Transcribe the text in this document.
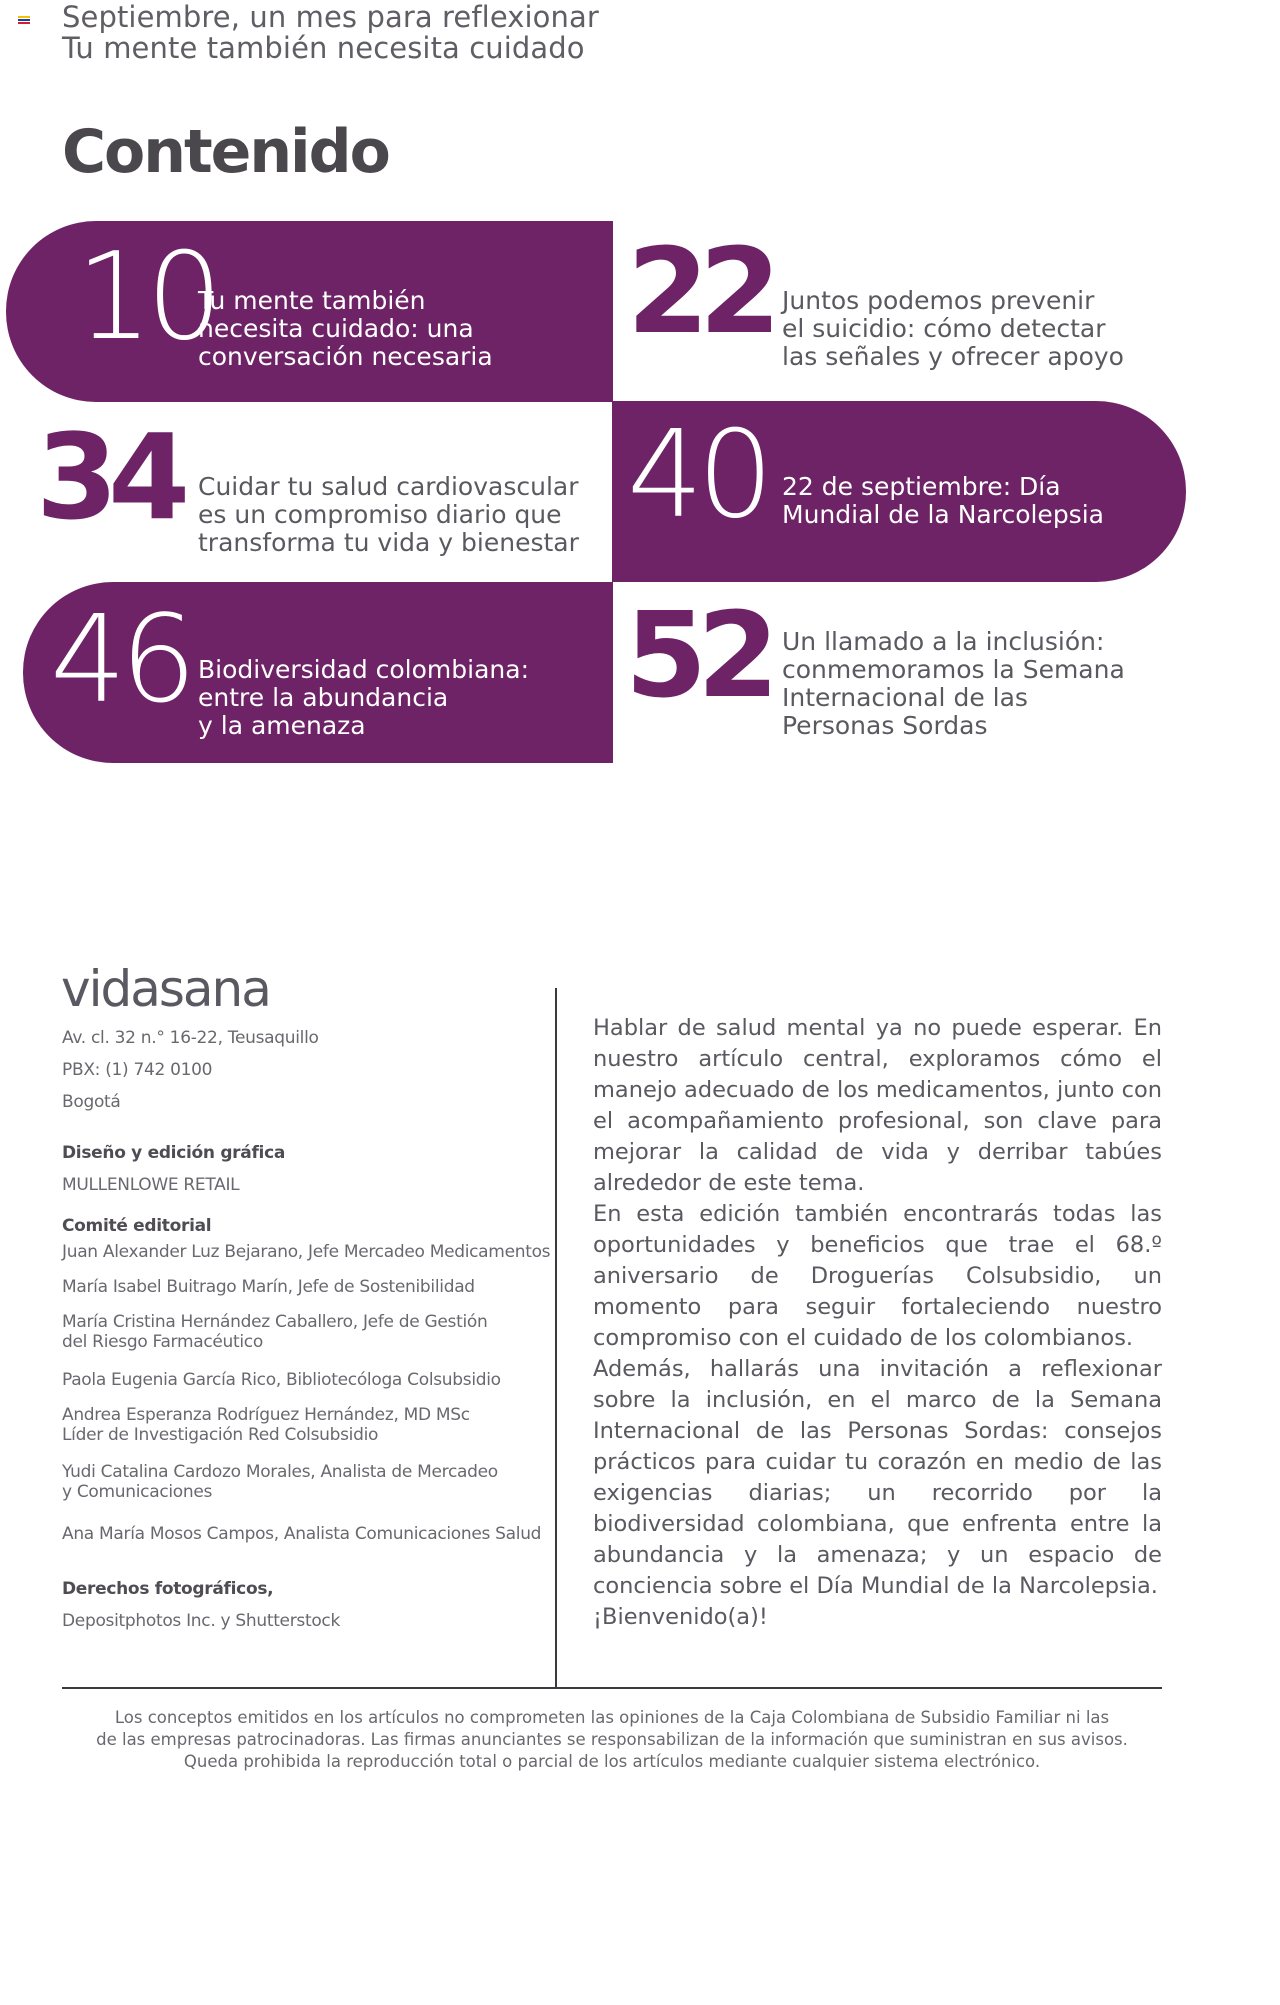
Septiembre, un mes para reflexionar
Tu mente también necesita cuidado
Contenido
10
Tu mente también
necesita cuidado: una
conversación necesaria 22 Juntos podemos prevenir
el suicidio: cómo detectar
las señales y ofrecer apoyo
34 Cuidar tu salud cardiovascular
es un compromiso diario que
transforma tu vida y bienestar 40 22 de septiembre: Día
Mundial de la Narcolepsia
46 Biodiversidad colombiana:
entre la abundancia
y la amenaza
52 Un llamado a la inclusión:
conmemoramos la Semana
Internacional de las
Personas Sordas
vidasana
Av. cl. 32 n.° 16-22, Teusaquillo
PBX: (1) 742 0100
Bogotá
Diseño y edición gráfica
MULLENLOWE RETAIL
Comité editorial
Juan Alexander Luz Bejarano, Jefe Mercadeo Medicamentos
María Isabel Buitrago Marín, Jefe de Sostenibilidad
María Cristina Hernández Caballero, Jefe de Gestión
del Riesgo Farmacéutico
Paola Eugenia García Rico, Bibliotecóloga Colsubsidio
Andrea Esperanza Rodríguez Hernández, MD MSc
Líder de Investigación Red Colsubsidio
Yudi Catalina Cardozo Morales, Analista de Mercadeo
y Comunicaciones
Ana María Mosos Campos, Analista Comunicaciones Salud
Derechos fotográficos,
Depositphotos Inc. y Shutterstock

Hablar de salud mental ya no puede esperar. En nuestro artículo central, exploramos cómo el manejo adecuado de los medicamentos, junto con el acompañamiento profesional, son clave para mejorar la calidad de vida y derribar tabúes alrededor de este tema.

En esta edición también encontrarás todas las oportunidades y beneficios que trae el 68.º aniversario de Droguerías Colsubsidio, un momento para seguir fortaleciendo nuestro compromiso con el cuidado de los colombianos.

Además, hallarás una invitación a reflexionar sobre la inclusión, en el marco de la Semana Internacional de las Personas Sordas: consejos prácticos para cuidar tu corazón en medio de las exigencias diarias; un recorrido por la biodiversidad colombiana, que enfrenta entre la abundancia y la amenaza; y un espacio de conciencia sobre el Día Mundial de la Narcolepsia.

¡Bienvenido(a)!

Los conceptos emitidos en los artículos no comprometen las opiniones de la Caja Colombiana de Subsidio Familiar ni las
de las empresas patrocinadoras. Las firmas anunciantes se responsabilizan de la información que suministran en sus avisos.
Queda prohibida la reproducción total o parcial de los artículos mediante cualquier sistema electrónico.
